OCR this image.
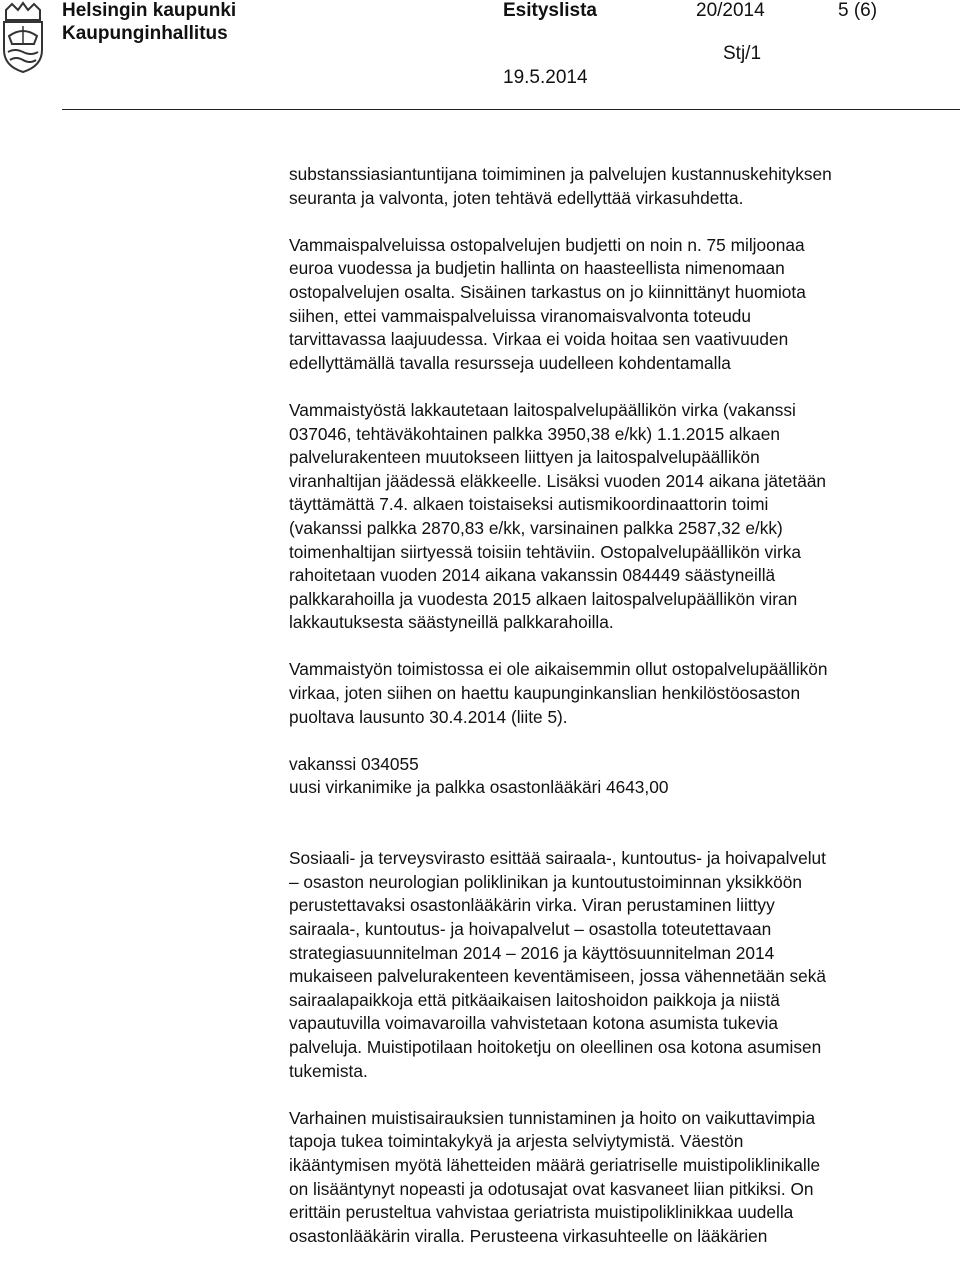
Helsingin kaupunki
Kaupunginhallitus
Esityslista	20/2014	5 (6)
Stj/1
19.5.2014

substanssiasiantuntijana toimiminen ja palvelujen kustannuskehityksen
seuranta ja valvonta, joten tehtävä edellyttää virkasuhdetta.

Vammaispalveluissa ostopalvelujen budjetti on noin n. 75 miljoonaa
euroa vuodessa ja budjetin hallinta on haasteellista nimenomaan
ostopalvelujen osalta. Sisäinen tarkastus on jo kiinnittänyt huomiota
siihen, ettei vammaispalveluissa viranomaisvalvonta toteudu
tarvittavassa laajuudessa. Virkaa ei voida hoitaa sen vaativuuden
edellyttämällä tavalla resursseja uudelleen kohdentamalla

Vammaistyöstä lakkautetaan laitospalvelupäällikön virka (vakanssi
037046, tehtäväkohtainen palkka 3950,38 e/kk) 1.1.2015 alkaen
palvelurakenteen muutokseen liittyen ja laitospalvelupäällikön
viranhaltijan jäädessä eläkkeelle. Lisäksi vuoden 2014 aikana jätetään
täyttämättä 7.4. alkaen toistaiseksi autismikoordinaattorin toimi
(vakanssi palkka 2870,83 e/kk, varsinainen palkka 2587,32 e/kk)
toimenhaltijan siirtyessä toisiin tehtäviin. Ostopalvelupäällikön virka
rahoitetaan vuoden 2014 aikana vakanssin 084449 säästyneillä
palkkarahoilla ja vuodesta 2015 alkaen laitospalvelupäällikön viran
lakkautuksesta säästyneillä palkkarahoilla.

Vammaistyön toimistossa ei ole aikaisemmin ollut ostopalvelupäällikön
virkaa, joten siihen on haettu kaupunginkanslian henkilöstöosaston
puoltava lausunto 30.4.2014 (liite 5).

vakanssi 034055
uusi virkanimike ja palkka osastonlääkäri 4643,00

Sosiaali- ja terveysvirasto esittää sairaala-, kuntoutus- ja hoivapalvelut
– osaston neurologian poliklinikan ja kuntoutustoiminnan yksikköön
perustettavaksi osastonlääkärin virka. Viran perustaminen liittyy
sairaala-, kuntoutus- ja hoivapalvelut – osastolla toteutettavaan
strategiasuunnitelman 2014 – 2016 ja käyttösuunnitelman 2014
mukaiseen palvelurakenteen keventämiseen, jossa vähennetään sekä
sairaalapaikkoja että pitkäaikaisen laitoshoidon paikkoja ja niistä
vapautuvilla voimavaroilla vahvistetaan kotona asumista tukevia
palveluja. Muistipotilaan hoitoketju on oleellinen osa kotona asumisen
tukemista.

Varhainen muistisairauksien tunnistaminen ja hoito on vaikuttavimpia
tapoja tukea toimintakykyä ja arjesta selviytymistä. Väestön
ikääntymisen myötä lähetteiden määrä geriatriselle muistipoliklinikalle
on lisääntynyt nopeasti ja odotusajat ovat kasvaneet liian pitkiksi. On
erittäin perusteltua vahvistaa geriatrista muistipoliklinikkaa uudella
osastonlääkärin viralla. Perusteena virkasuhteelle on lääkärien
